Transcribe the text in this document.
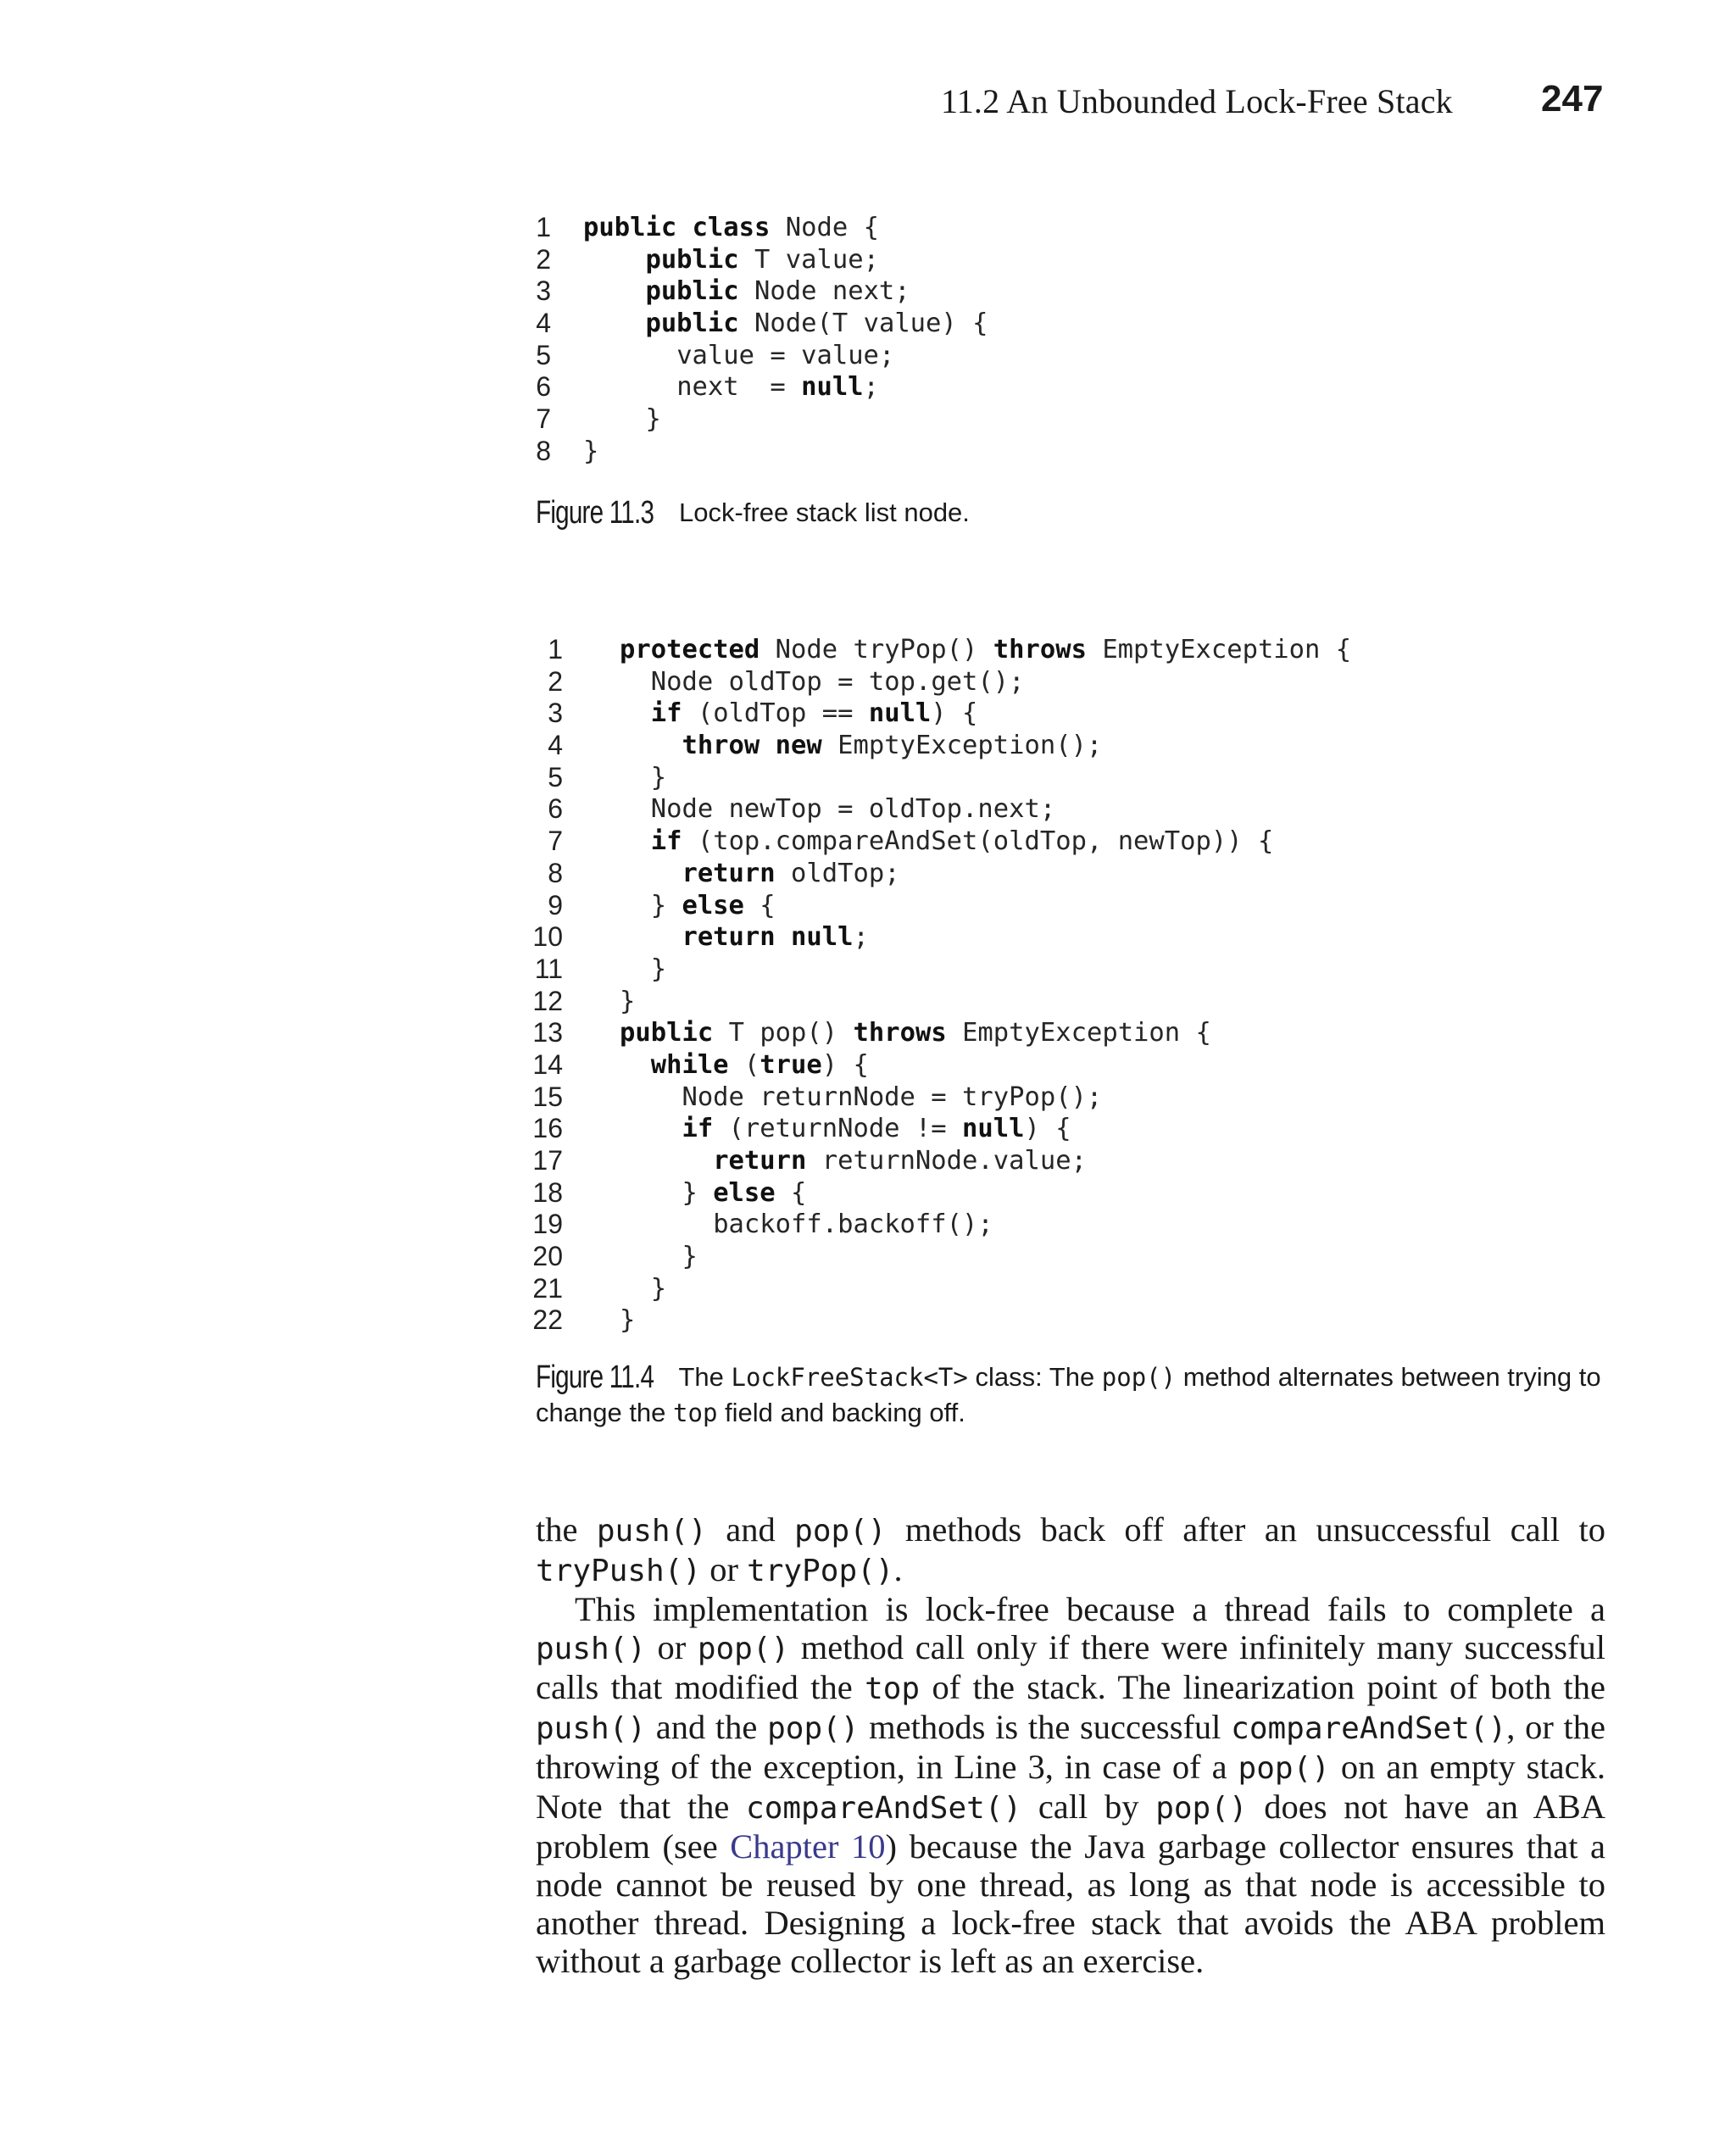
11.2 An Unbounded Lock-Free Stack 247
1 public class Node {
2	public T value;
3	public Node next;
4	public Node(T value) {
5	value = value;
6	next  = null;
7 }
8 }
Figure 11.3 Lock-free stack list node.
1 protected Node tryPop() throws EmptyException {
2	Node oldTop = top.get();
3	if (oldTop == null) {
4	throw new EmptyException();
5 }
6	Node newTop = oldTop.next;
7	if (top.compareAndSet(oldTop, newTop)) {
8	return oldTop;
9 } else {
10	return null;
11 }
12 }
13 public T pop() throws EmptyException {
14	while (true) {
15	Node returnNode = tryPop();
16	if (returnNode != null) {
17	return returnNode.value;
18 } else {
19	backoff.backoff();
20 }
21 }
22 }
Figure 11.4 The LockFreeStack<T> class: The pop() method alternates between trying to change the top field and backing off.

the push() and pop() methods back off after an unsuccessful call to tryPush() or tryPop().

This implementation is lock-free because a thread fails to complete a push() or pop() method call only if there were infinitely many successful calls that modified the top of the stack. The linearization point of both the push() and the pop() methods is the successful compareAndSet(), or the throwing of the exception, in Line 3, in case of a pop() on an empty stack. Note that the compareAndSet() call by pop() does not have an ABA problem (see Chapter 10) because the Java garbage collector ensures that a node cannot be reused by one thread, as long as that node is accessible to another thread. Designing a lock-free stack that avoids the ABA problem without a garbage collector is left as an exercise.
